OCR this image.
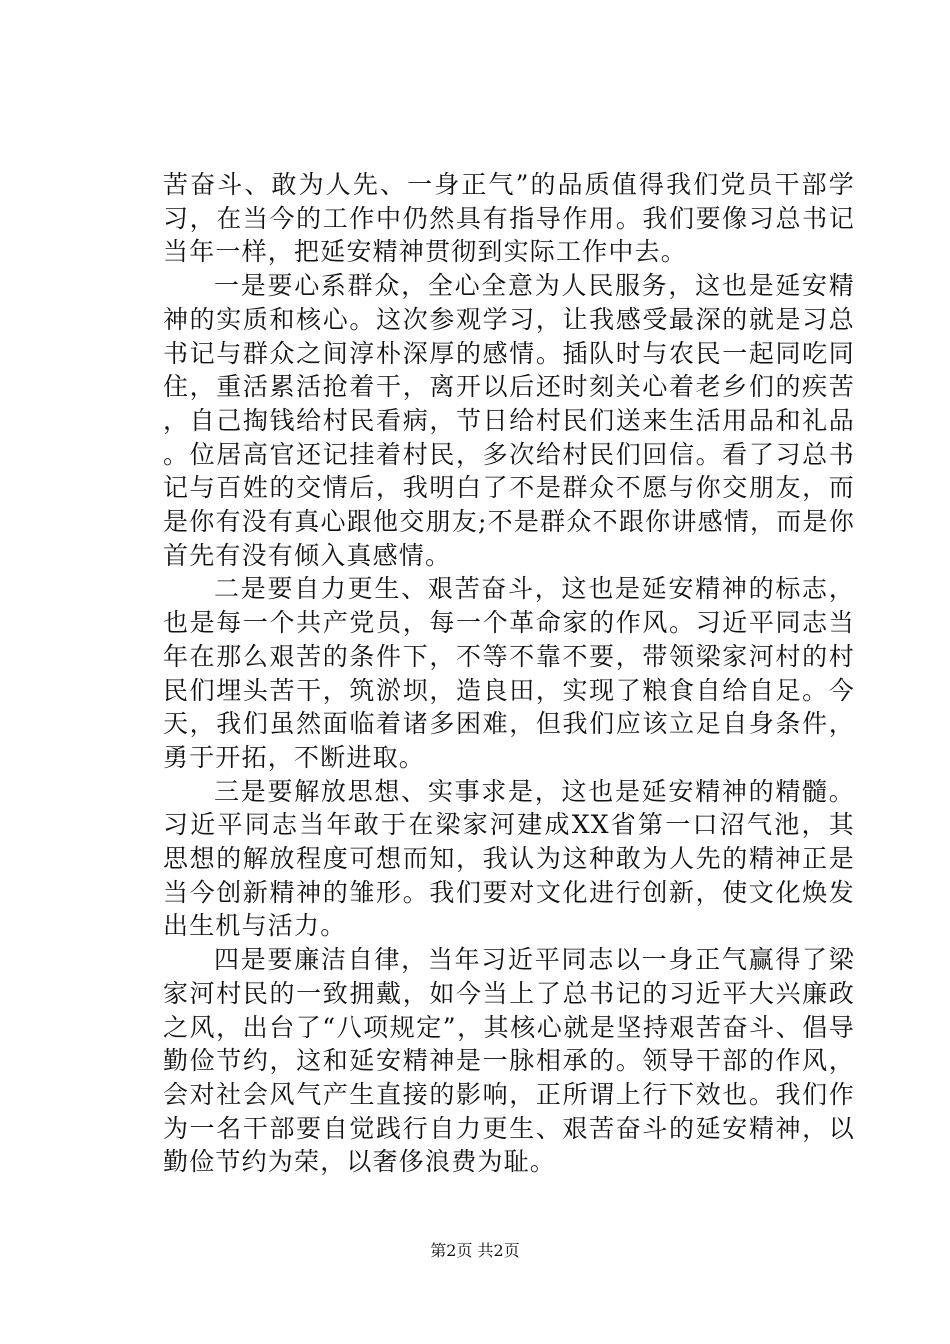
苦奋斗、敢为人先、一身正气”的品质值得我们党员干部学习，在当今的工作中仍然具有指导作用。我们要像习总书记当年一样，把延安精神贯彻到实际工作中去。

一是要心系群众，全心全意为人民服务，这也是延安精神的实质和核心。这次参观学习，让我感受最深的就是习总书记与群众之间淳朴深厚的感情。插队时与农民一起同吃同住，重活累活抢着干，离开以后还时刻关心着老乡们的疾苦，自己掏钱给村民看病，节日给村民们送来生活用品和礼品。位居高官还记挂着村民，多次给村民们回信。看了习总书记与百姓的交情后，我明白了不是群众不愿与你交朋友，而是你有没有真心跟他交朋友;不是群众不跟你讲感情，而是你首先有没有倾入真感情。

二是要自力更生、艰苦奋斗，这也是延安精神的标志，也是每一个共产党员，每一个革命家的作风。习近平同志当年在那么艰苦的条件下，不等不靠不要，带领梁家河村的村民们埋头苦干，筑淤坝，造良田，实现了粮食自给自足。今天，我们虽然面临着诸多困难，但我们应该立足自身条件，勇于开拓，不断进取。

三是要解放思想、实事求是，这也是延安精神的精髓。习近平同志当年敢于在梁家河建成XX省第一口沼气池，其思想的解放程度可想而知，我认为这种敢为人先的精神正是当今创新精神的雏形。我们要对文化进行创新，使文化焕发出生机与活力。

四是要廉洁自律，当年习近平同志以一身正气赢得了梁家河村民的一致拥戴，如今当上了总书记的习近平大兴廉政之风，出台了“八项规定”，其核心就是坚持艰苦奋斗、倡导勤俭节约，这和延安精神是一脉相承的。领导干部的作风，会对社会风气产生直接的影响，正所谓上行下效也。我们作为一名干部要自觉践行自力更生、艰苦奋斗的延安精神，以勤俭节约为荣，以奢侈浪费为耻。

第2页 共2页
